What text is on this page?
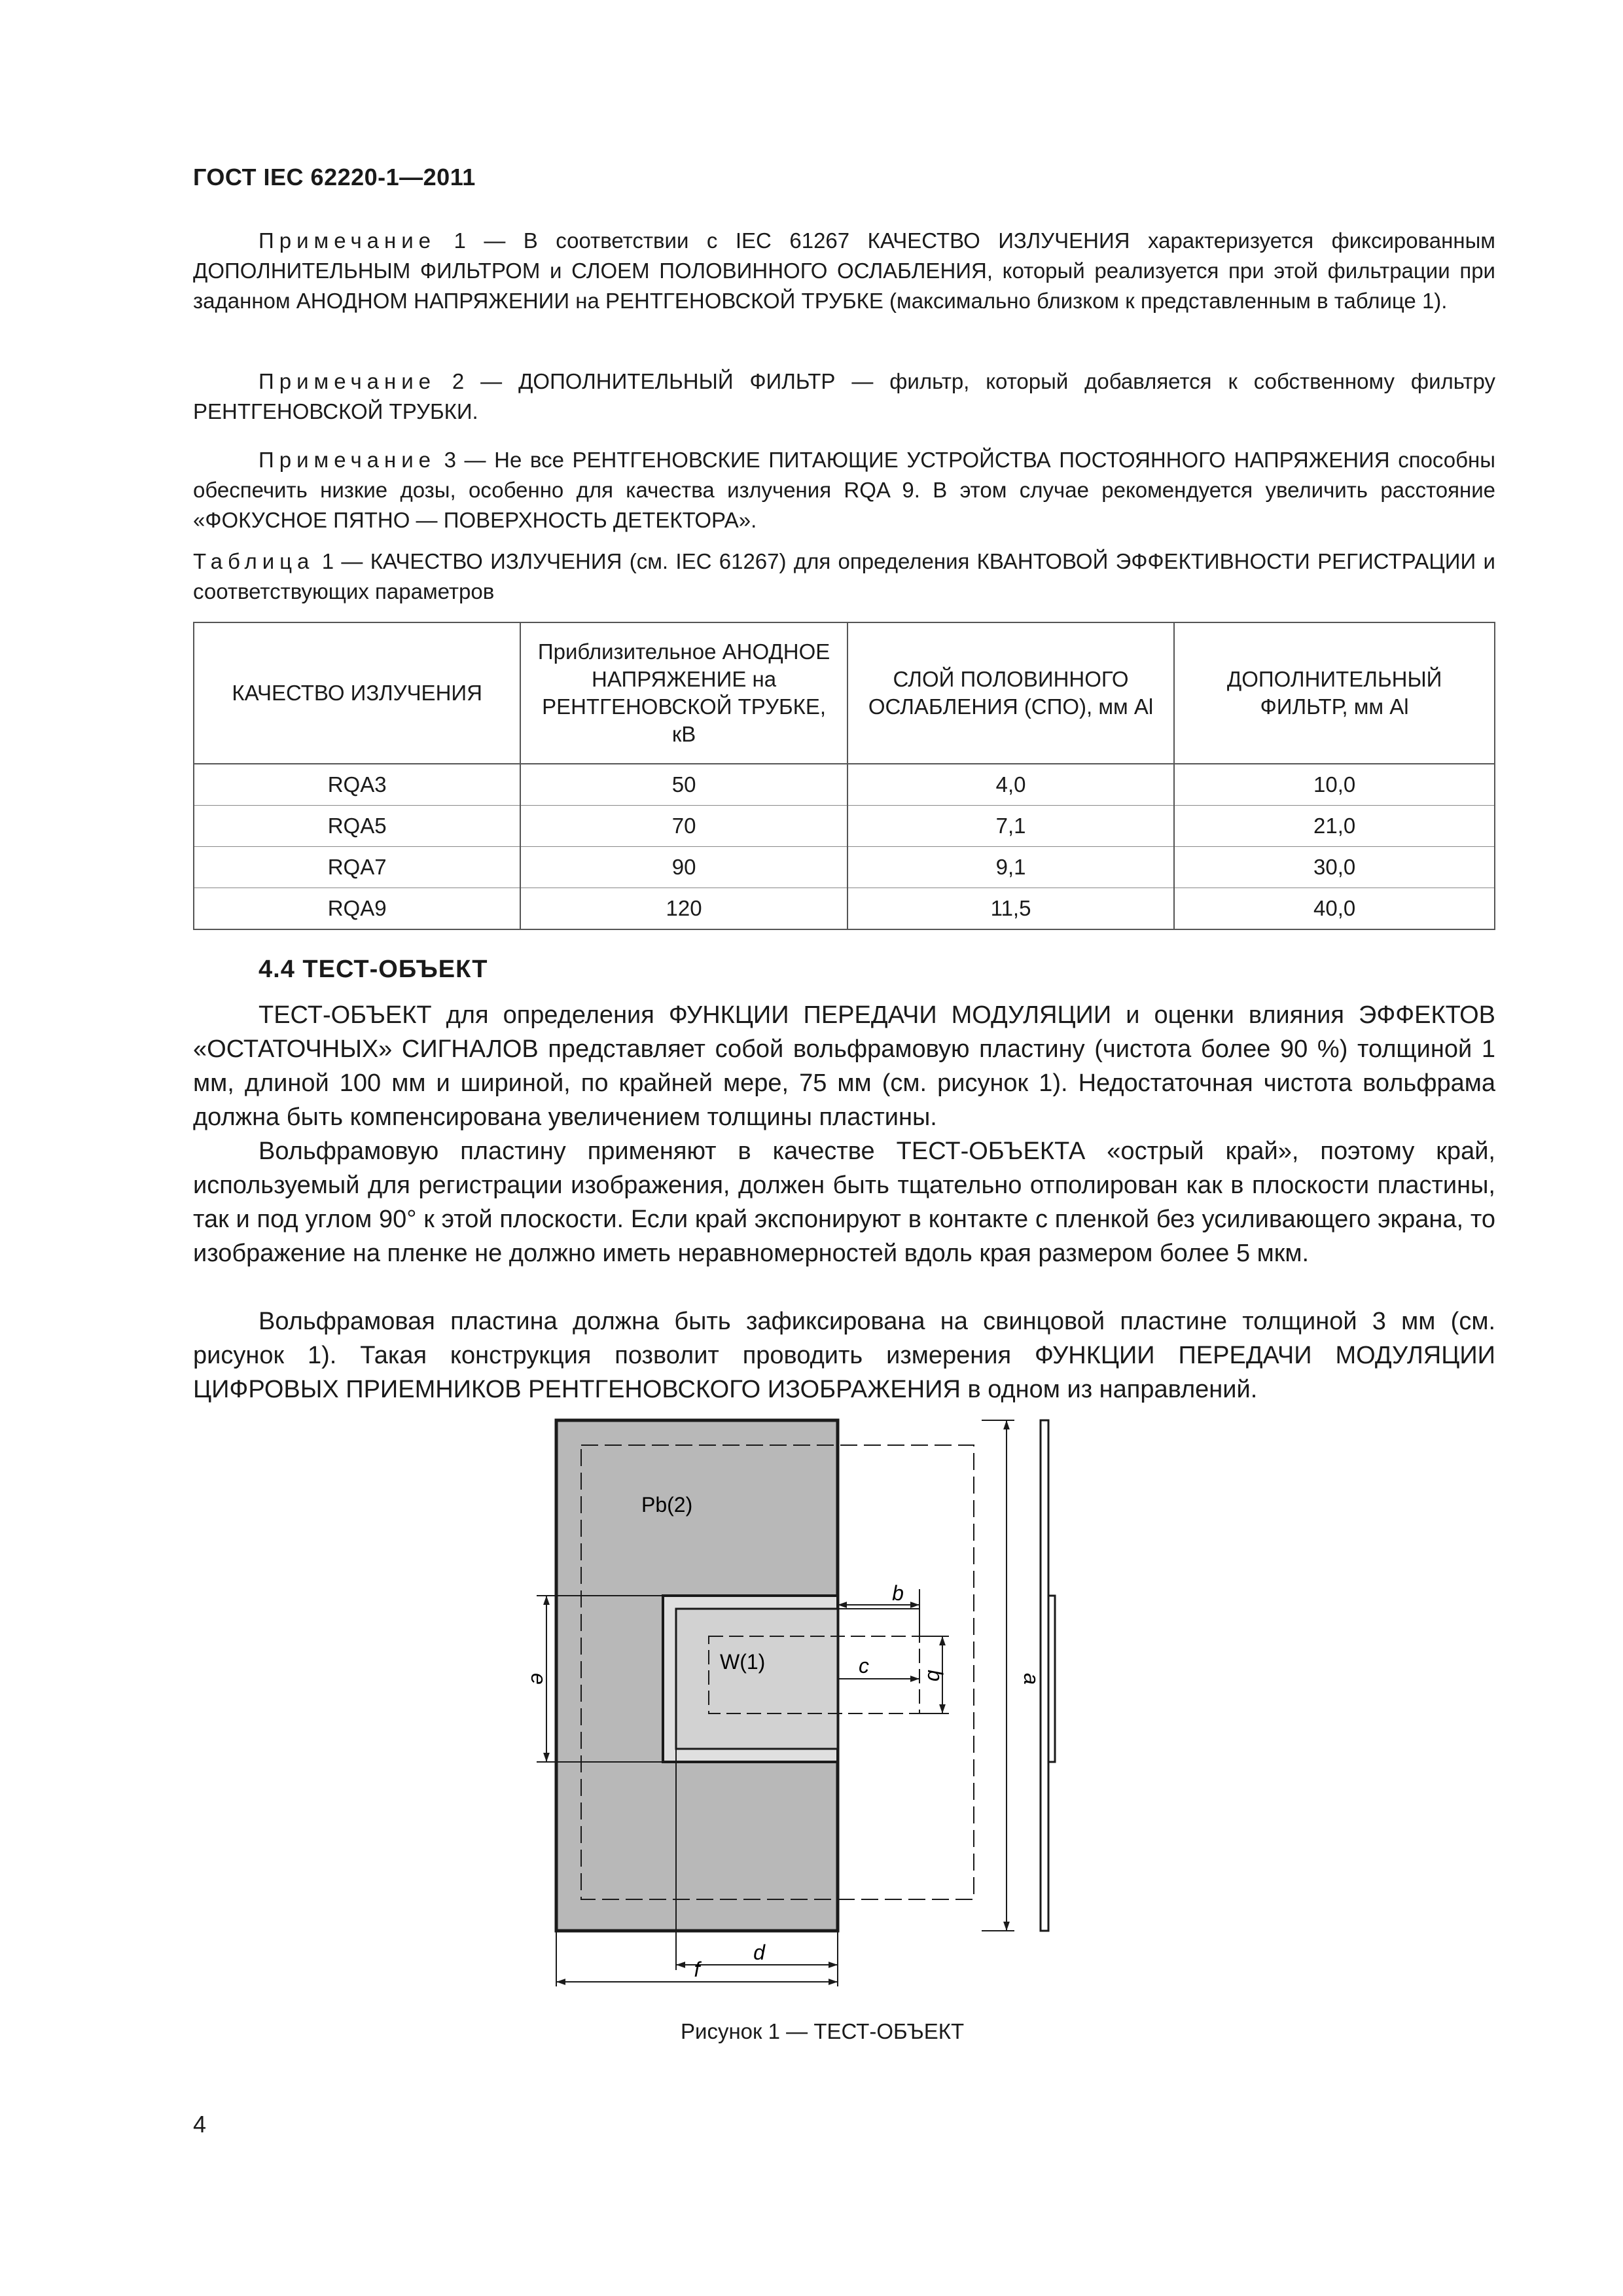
ГОСТ IEC 62220-1—2011
Примечание 1 — В соответствии с IEC 61267 КАЧЕСТВО ИЗЛУЧЕНИЯ характеризуется фиксированным ДОПОЛНИТЕЛЬНЫМ ФИЛЬТРОМ и СЛОЕМ ПОЛОВИННОГО ОСЛАБЛЕНИЯ, который реализуется при этой фильтрации при заданном АНОДНОМ НАПРЯЖЕНИИ на РЕНТГЕНОВСКОЙ ТРУБКЕ (максимально близком к представленным в таблице 1).
Примечание 2 — ДОПОЛНИТЕЛЬНЫЙ ФИЛЬТР — фильтр, который добавляется к собственному фильтру РЕНТГЕНОВСКОЙ ТРУБКИ.
Примечание 3 — Не все РЕНТГЕНОВСКИЕ ПИТАЮЩИЕ УСТРОЙСТВА ПОСТОЯННОГО НАПРЯЖЕНИЯ способны обеспечить низкие дозы, особенно для качества излучения RQA 9. В этом случае рекомендуется увеличить расстояние «ФОКУСНОЕ ПЯТНО — ПОВЕРХНОСТЬ ДЕТЕКТОРА».
Таблица 1 — КАЧЕСТВО ИЗЛУЧЕНИЯ (см. IEC 61267) для определения КВАНТОВОЙ ЭФФЕКТИВНОСТИ РЕГИСТРАЦИИ и соответствующих параметров
КАЧЕСТВО ИЗЛУЧЕНИЯ	Приблизительное АНОДНОЕ НАПРЯЖЕНИЕ на РЕНТГЕНОВСКОЙ ТРУБКЕ, кВ	СЛОЙ ПОЛОВИННОГО ОСЛАБЛЕНИЯ (СПО), мм Al	ДОПОЛНИТЕЛЬНЫЙ ФИЛЬТР, мм Al
RQA3	50	4,0	10,0
RQA5	70	7,1	21,0
RQA7	90	9,1	30,0
RQA9	120	11,5	40,0
4.4 ТЕСТ-ОБЪЕКТ
ТЕСТ-ОБЪЕКТ для определения ФУНКЦИИ ПЕРЕДАЧИ МОДУЛЯЦИИ и оценки влияния ЭФФЕКТОВ «ОСТАТОЧНЫХ» СИГНАЛОВ представляет собой вольфрамовую пластину (чистота более 90 %) толщиной 1 мм, длиной 100 мм и шириной, по крайней мере, 75 мм (см. рисунок 1). Недостаточная чистота вольфрама должна быть компенсирована увеличением толщины пластины.
Вольфрамовую пластину применяют в качестве ТЕСТ-ОБЪЕКТА «острый край», поэтому край, используемый для регистрации изображения, должен быть тщательно отполирован как в плоскости пластины, так и под углом 90° к этой плоскости. Если край экспонируют в контакте с пленкой без усиливающего экрана, то изображение на пленке не должно иметь неравномерностей вдоль края размером более 5 мкм.
Вольфрамовая пластина должна быть зафиксирована на свинцовой пластине толщиной 3 мм (см. рисунок 1). Такая конструкция позволит проводить измерения ФУНКЦИИ ПЕРЕДАЧИ МОДУЛЯЦИИ ЦИФРОВЫХ ПРИЕМНИКОВ РЕНТГЕНОВСКОГО ИЗОБРАЖЕНИЯ в одном из направлений.
Pb(2)
W(1)
b
c	b
e
d
f
a
Рисунок 1 — ТЕСТ-ОБЪЕКТ
4
